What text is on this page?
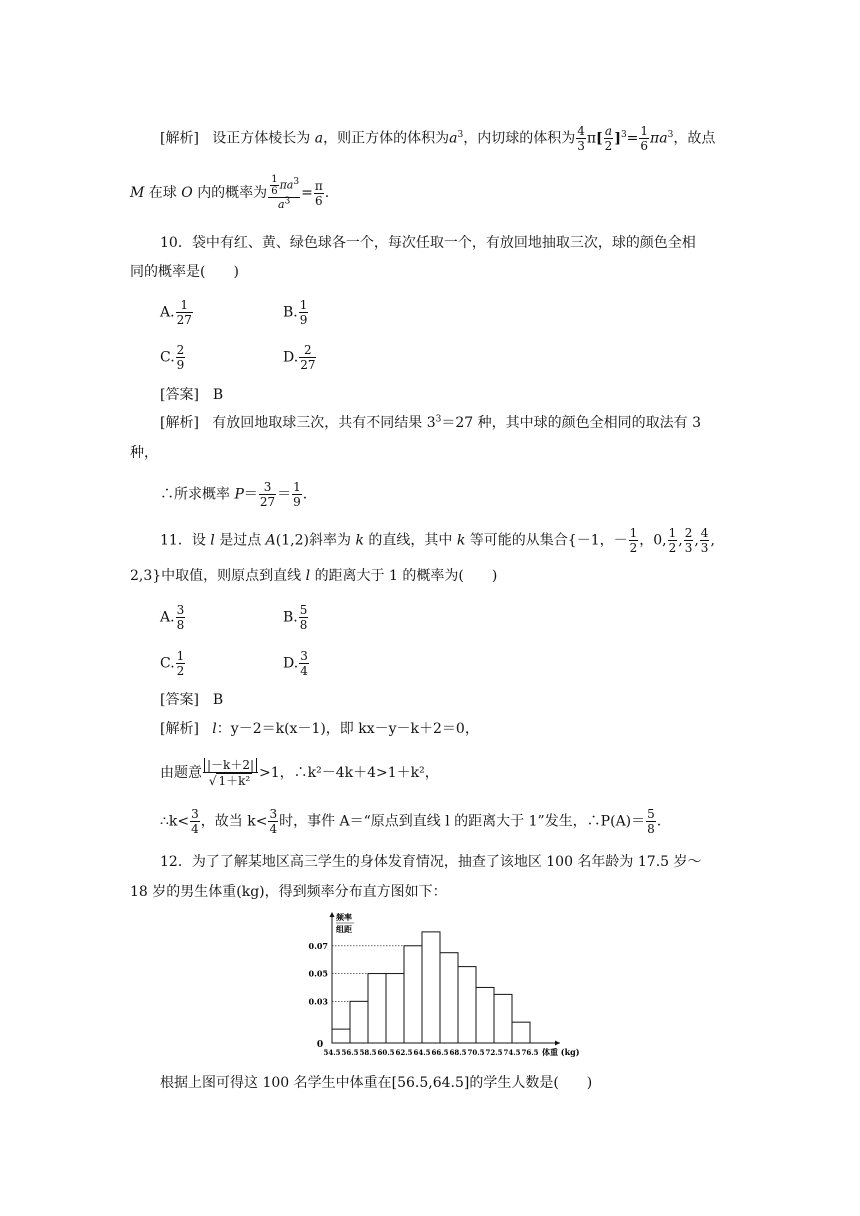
[解析] 设正方体棱长为 a，则正方体的体积为$a^3$，内切球的体积为 $\frac{4}{3} \pi[ \frac{a}{2} ]^3= \frac{1}{6} \pi a^3$，故点
M 在球 O 内的概率为 $\frac{\frac{1}{6} \pi a^3}{a^3} = \frac{\pi}{6}$ .
10．袋中有红、黄、绿色球各一个，每次任取一个，有放回地抽取三次，球的颜色全相
同的概率是(　　)
A. $\frac{1}{27}$	B. $\frac{1}{9}$
C. $\frac{2}{9}$	D. $\frac{2}{27}$
[答案]　B
[解析] 有放回地取球三次，共有不同结果 $3^3=27$ 种，其中球的颜色全相同的取法有 3
种，
∴所求概率 $P= \frac{3}{27} = \frac{1}{9}$ .
11．设 l 是过点 A(1,2)斜率为 k 的直线，其中 k 等可能的从集合{－1，－ $\frac{1}{2}$ ，0, $\frac{1}{2}$ , $\frac{2}{3}$ , $\frac{4}{3}$ ,
2,3}中取值，则原点到直线 l 的距离大于 1 的概率为(　　)
A. $\frac{3}{8}$	B. $\frac{5}{8}$
C. $\frac{1}{2}$	D. $\frac{3}{4}$
[答案]　B
[解析] l：y－2＝k(x－1)，即 kx－y－k＋2＝0，
由题意 $\frac{|-k+2|}{\text{√ 1＋k²}} >1$，∴k²－4k＋4>1＋k²，
∴k< $\frac{3}{4}$ ，故当 $k< \frac{3}{4}$ 时，事件 A＝“原点到直线 l 的距离大于 1”发生，∴P(A)＝ $\frac{5}{8}$ .
12．为了了解某地区高三学生的身体发育情况，抽查了该地区 100 名年龄为 17.5 岁～
18 岁的男生体重(kg)，得到频率分布直方图如下：
0.03
0.05
0.07
0
54.5 56.5 58.5 60.5 62.5 64.5 66.5 68.5 70.5 72.5 74.5 76.5 体重 (kg)
频率
组距
根据上图可得这 100 名学生中体重在[56.5,64.5]的学生人数是(　　)
